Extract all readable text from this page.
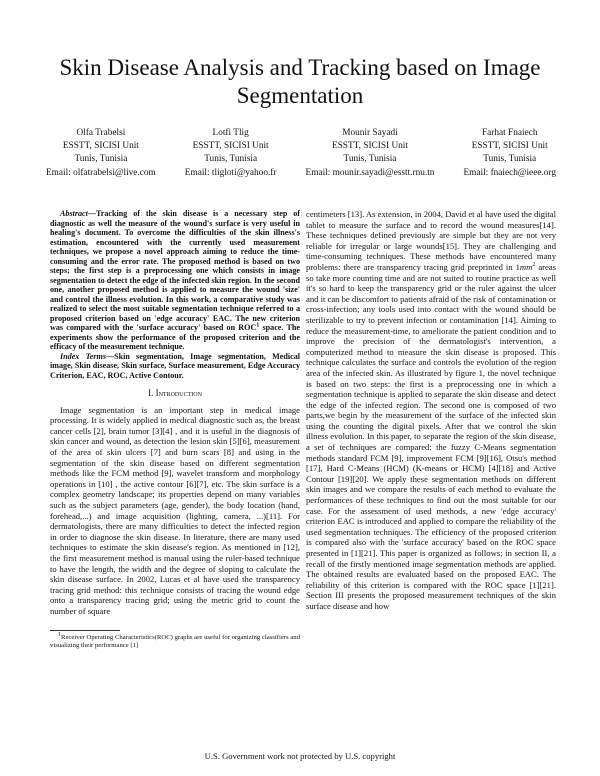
Skin Disease Analysis and Tracking based on Image Segmentation
Olfa Trabelsi
ESSTT, SICISI Unit
Tunis, Tunisia
Email: olfatrabelsi@live.com
Lotfi Tlig
ESSTT, SICISI Unit
Tunis, Tunisia
Email: tligloti@yahoo.fr
Mounir Sayadi
ESSTT, SICISI Unit
Tunis, Tunisia
Email: mounir.sayadi@esstt.rnu.tn
Farhat Fnaiech
ESSTT, SICISI Unit
Tunis, Tunisia
Email: fnaiech@ieee.org

Abstract—Tracking of the skin disease is a necessary step of diagnostic as well the measure of the wound's surface is very useful in healing's document. To overcome the difficulties of the skin illness's estimation, encountered with the currently used measurement techniques, we propose a novel approach aiming to reduce the time-consuming and the error rate. The proposed method is based on two steps; the first step is a preprocessing one which consists in image segmentation to detect the edge of the infected skin region. In the second one, another proposed method is applied to measure the wound 'size' and control the illness evolution. In this work, a comparative study was realized to select the most suitable segmentation technique referred to a proposed criterion based on 'edge accuracy' EAC. The new criterion was compared with the 'surface accuracy' based on ROC$^1$ space. The experiments show the performance of the proposed criterion and the efficacy of the measurement technique.

Index Terms—Skin segmentation, Image segmentation, Medical image, Skin disease, Skin surface, Surface measurement, Edge Accuracy Criterion, EAC, ROC, Active Contour.

I. Introduction

Image segmentation is an important step in medical image processing. It is widely applied in medical diagnostic such as, the breast cancer cells [2], brain tumor [3][4] , and it is useful in the diagnosis of skin cancer and wound, as detection the lesion skin [5][6], measurement of the area of skin ulcers [7] and burn scars [8] and using in the segmentation of the skin disease based on different segmentation methods like the FCM method [9], wavelet transform and morphology operations in [10] , the active contour [6][7], etc. The skin surface is a complex geometry landscape; its properties depend on many variables such as the subject parameters (age, gender), the body location (hand, forehead,...) and image acquisition (lighting, camera, ...)[11]. For dermatologists, there are many difficulties to detect the infected region in order to diagnose the skin disease. In literature, there are many used techniques to estimate the skin disease's region. As mentioned in [12], the first measurement method is manual using the ruler-based technique to have the length, the width and the degree of sloping to calculate the skin disease surface. In 2002, Lucas et al have used the transparency tracing grid method: this technique consists of tracing the wound edge onto a transparency tracing grid; using the metric grid to count the number of square

$^1$Receiver Operating Characteristics(ROC) graphs are useful for organizing classifiers and visualizing their performance [1]

centimeters [13]. As extension, in 2004, David et al have used the digital tablet to measure the surface and to record the wound measures[14]. These techniques defined previously are simple but they are not very reliable for irregular or large wounds[15]. They are challenging and time-consuming techniques. These methods have encountered many problems: there are transparency tracing grid preprinted in $1mm^2$ areas so take more counting time and are not suited to routine practice as well it's so hard to keep the transparency grid or the ruler against the ulcer and it can be discomfort to patients afraid of the risk of contamination or cross-infection; any tools used into contact with the wound should be sterilizable to try to prevent infection or contamination [14]. Aiming to reduce the measurement-time, to ameliorate the patient condition and to improve the precision of the dermatologist's intervention, a computerized method to measure the skin disease is proposed. This technique calculates the surface and controls the evolution of the region area of the infected skin. As illustrated by figure 1, the novel technique is based on two steps: the first is a preprocessing one in which a segmentation technique is applied to separate the skin disease and detect the edge of the infected region. The second one is composed of two parts,we begin by the measurement of the surface of the infected skin using the counting the digital pixels. After that we control the skin illness evolution. In this paper, to separate the region of the skin disease, a set of techniques are compared: the fuzzy C-Means segmentation methods standard FCM [9], improvement FCM [9][16], Otsu's method [17], Hard C-Means (HCM) (K-means or HCM) [4][18] and Active Contour [19][20]. We apply these segmentation methods on different skin images and we compare the results of each method to evaluate the performances of these techniques to find out the most suitable for our case. For the assessment of used methods, a new 'edge accuracy' criterion EAC is introduced and applied to compare the reliability of the used segmentation techniques. The efficiency of the proposed criterion is compared also with the 'surface accuracy' based on the ROC space presented in [1][21]. This paper is organized as follows; in section II, a recall of the firstly mentioned image segmentation methods are applied. The obtained results are evaluated based on the proposed EAC. The reliability of this criterion is compared with the ROC space [1][21]. Section III presents the proposed measurement techniques of the skin surface disease and how

U.S. Government work not protected by U.S. copyright
